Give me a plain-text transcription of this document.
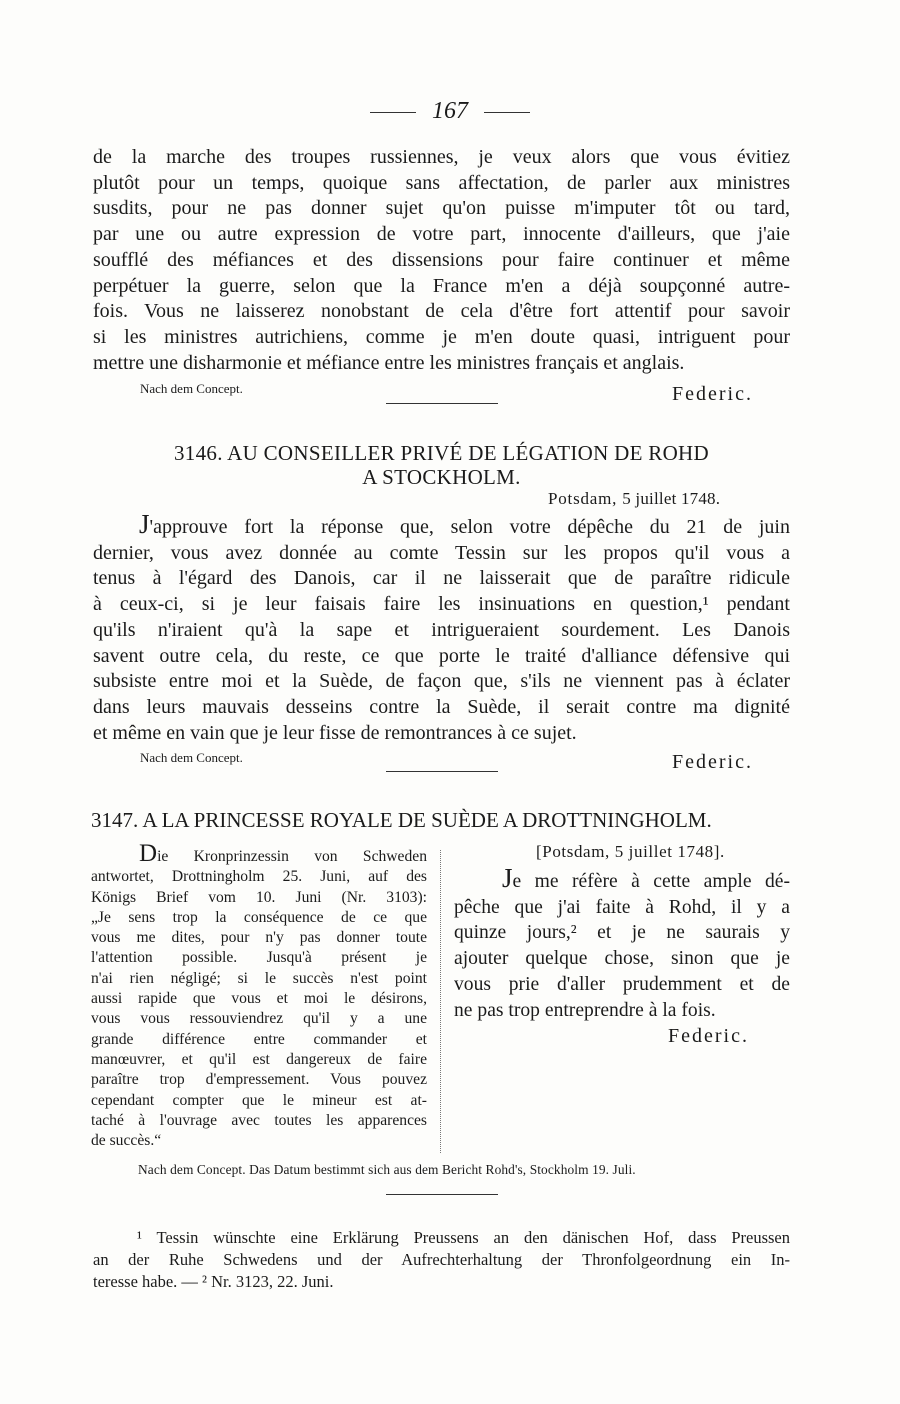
167

de la marche des troupes russiennes, je veux alors que vous évitiez
plutôt pour un temps, quoique sans affectation, de parler aux ministres
susdits, pour ne pas donner sujet qu'on puisse m'imputer tôt ou tard,
par une ou autre expression de votre part, innocente d'ailleurs, que j'aie
soufflé des méfiances et des dissensions pour faire continuer et même
perpétuer la guerre, selon que la France m'en a déjà soupçonné autre-
fois. Vous ne laisserez nonobstant de cela d'être fort attentif pour savoir
si les ministres autrichiens, comme je m'en doute quasi, intriguent pour
mettre une disharmonie et méfiance entre les ministres français et anglais.

Nach dem Concept.	Federic.
3146. AU CONSEILLER PRIVÉ DE LÉGATION DE ROHD
A STOCKHOLM.
Potsdam, 5 juillet 1748.

J'approuve fort la réponse que, selon votre dépêche du 21 de juin
dernier, vous avez donnée au comte Tessin sur les propos qu'il vous a
tenus à l'égard des Danois, car il ne laisserait que de paraître ridicule
à ceux-ci, si je leur faisais faire les insinuations en question,¹ pendant
qu'ils n'iraient qu'à la sape et intrigueraient sourdement. Les Danois
savent outre cela, du reste, ce que porte le traité d'alliance défensive qui
subsiste entre moi et la Suède, de façon que, s'ils ne viennent pas à éclater
dans leurs mauvais desseins contre la Suède, il serait contre ma dignité
et même en vain que je leur fisse de remontrances à ce sujet.

Nach dem Concept.	Federic.
3147. A LA PRINCESSE ROYALE DE SUÈDE A DROTTNINGHOLM.
Die Kronprinzessin von Schweden
antwortet, Drottningholm 25. Juni, auf des
Königs Brief vom 10. Juni (Nr. 3103):
„Je sens trop la conséquence de ce que
vous me dites, pour n'y pas donner toute
l'attention possible. Jusqu'à présent je
n'ai rien négligé; si le succès n'est point
aussi rapide que vous et moi le désirons,
vous vous ressouviendrez qu'il y a une
grande différence entre commander et
manœuvrer, et qu'il est dangereux de faire
paraître trop d'empressement. Vous pouvez
cependant compter que le mineur est at-
taché à l'ouvrage avec toutes les apparences
de succès.“
[Potsdam, 5 juillet 1748].
Je me réfère à cette ample dé-
pêche que j'ai faite à Rohd, il y a
quinze jours,² et je ne saurais y
ajouter quelque chose, sinon que je
vous prie d'aller prudemment et de
ne pas trop entreprendre à la fois.
Federic.
Nach dem Concept. Das Datum bestimmt sich aus dem Bericht Rohd's, Stockholm 19. Juli.
¹ Tessin wünschte eine Erklärung Preussens an den dänischen Hof, dass Preussen
an der Ruhe Schwedens und der Aufrechterhaltung der Thronfolgeordnung ein In-
teresse habe. — ² Nr. 3123, 22. Juni.
